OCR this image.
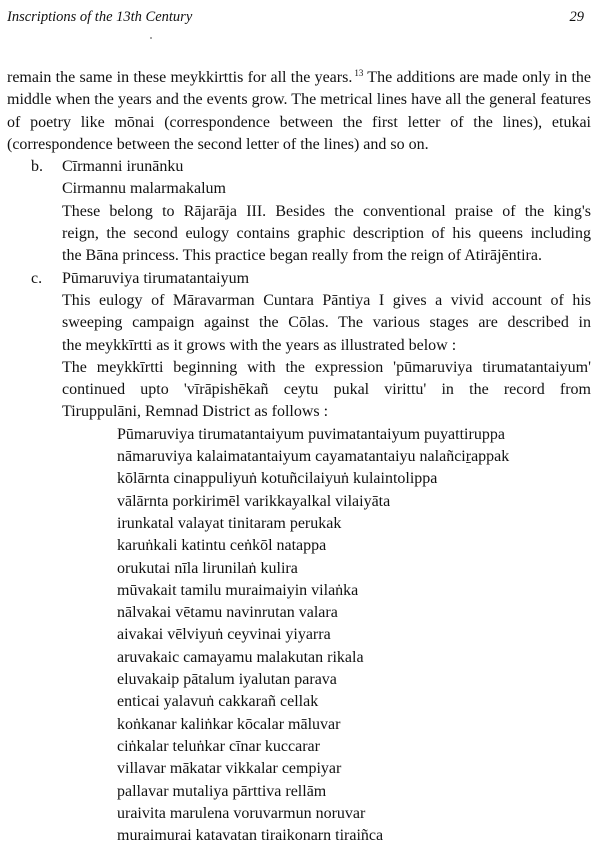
Inscriptions of the 13th Century	29

remain the same in these meykkirttis for all the years. $^{13}$ The additions are made only in the middle when the years and the events grow. The metrical lines have all the general features of poetry like mōnai (correspondence between the first letter of the lines), etukai (correspondence between the second letter of the lines) and so on.

b. Cīrmanni irunānku
Cirmannu malarmakalum
These belong to Rājarāja III. Besides the conventional praise of the king's
reign, the second eulogy contains graphic description of his queens including
the Bāna princess. This practice began really from the reign of Atirājēntira.
c. Pūmaruviya tirumatantaiyum
This eulogy of Māravarman Cuntara Pāntiya I gives a vivid account of his
sweeping campaign against the Cōlas. The various stages are described in
the meykkīrtti as it grows with the years as illustrated below :
The meykkīrtti beginning with the expression 'pūmaruviya tirumatantaiyum'
continued upto 'vīrāpishēkañ ceytu pukal virittu' in the record from
Tiruppulāni, Remnad District as follows :
Pūmaruviya tirumatantaiyum puvimatantaiyum puyattiruppa
nāmaruviya kalaimatantaiyum cayamatantaiyu nalañciṟappak
kōlārnta cinappuliyuṅ kotuñcilaiyuṅ kulaintolippa
vālārnta porkirimēl varikkayalkal vilaiyāta
irunkatal valayat tinitaram perukak
karuṅkali katintu ceṅkōl natappa
orukutai nīla lirunilaṅ kulira
mūvakait tamilu muraimaiyin vilaṅka
nālvakai vētamu navinrutan valara
aivakai vēlviyuṅ ceyvinai yiyarra
aruvakaic camayamu malakutan rikala
eluvakaip pātalum iyalutan parava
enticai yalavuṅ cakkarañ cellak
koṅkanar kaliṅkar kōcalar māluvar
ciṅkalar teluṅkar cīnar kuccarar
villavar mākatar vikkalar cempiyar
pallavar mutaliya pārttiva rellām
uraivita marulena voruvarmun noruvar
muraimurai katavatan tiraikonarn tiraiñca
